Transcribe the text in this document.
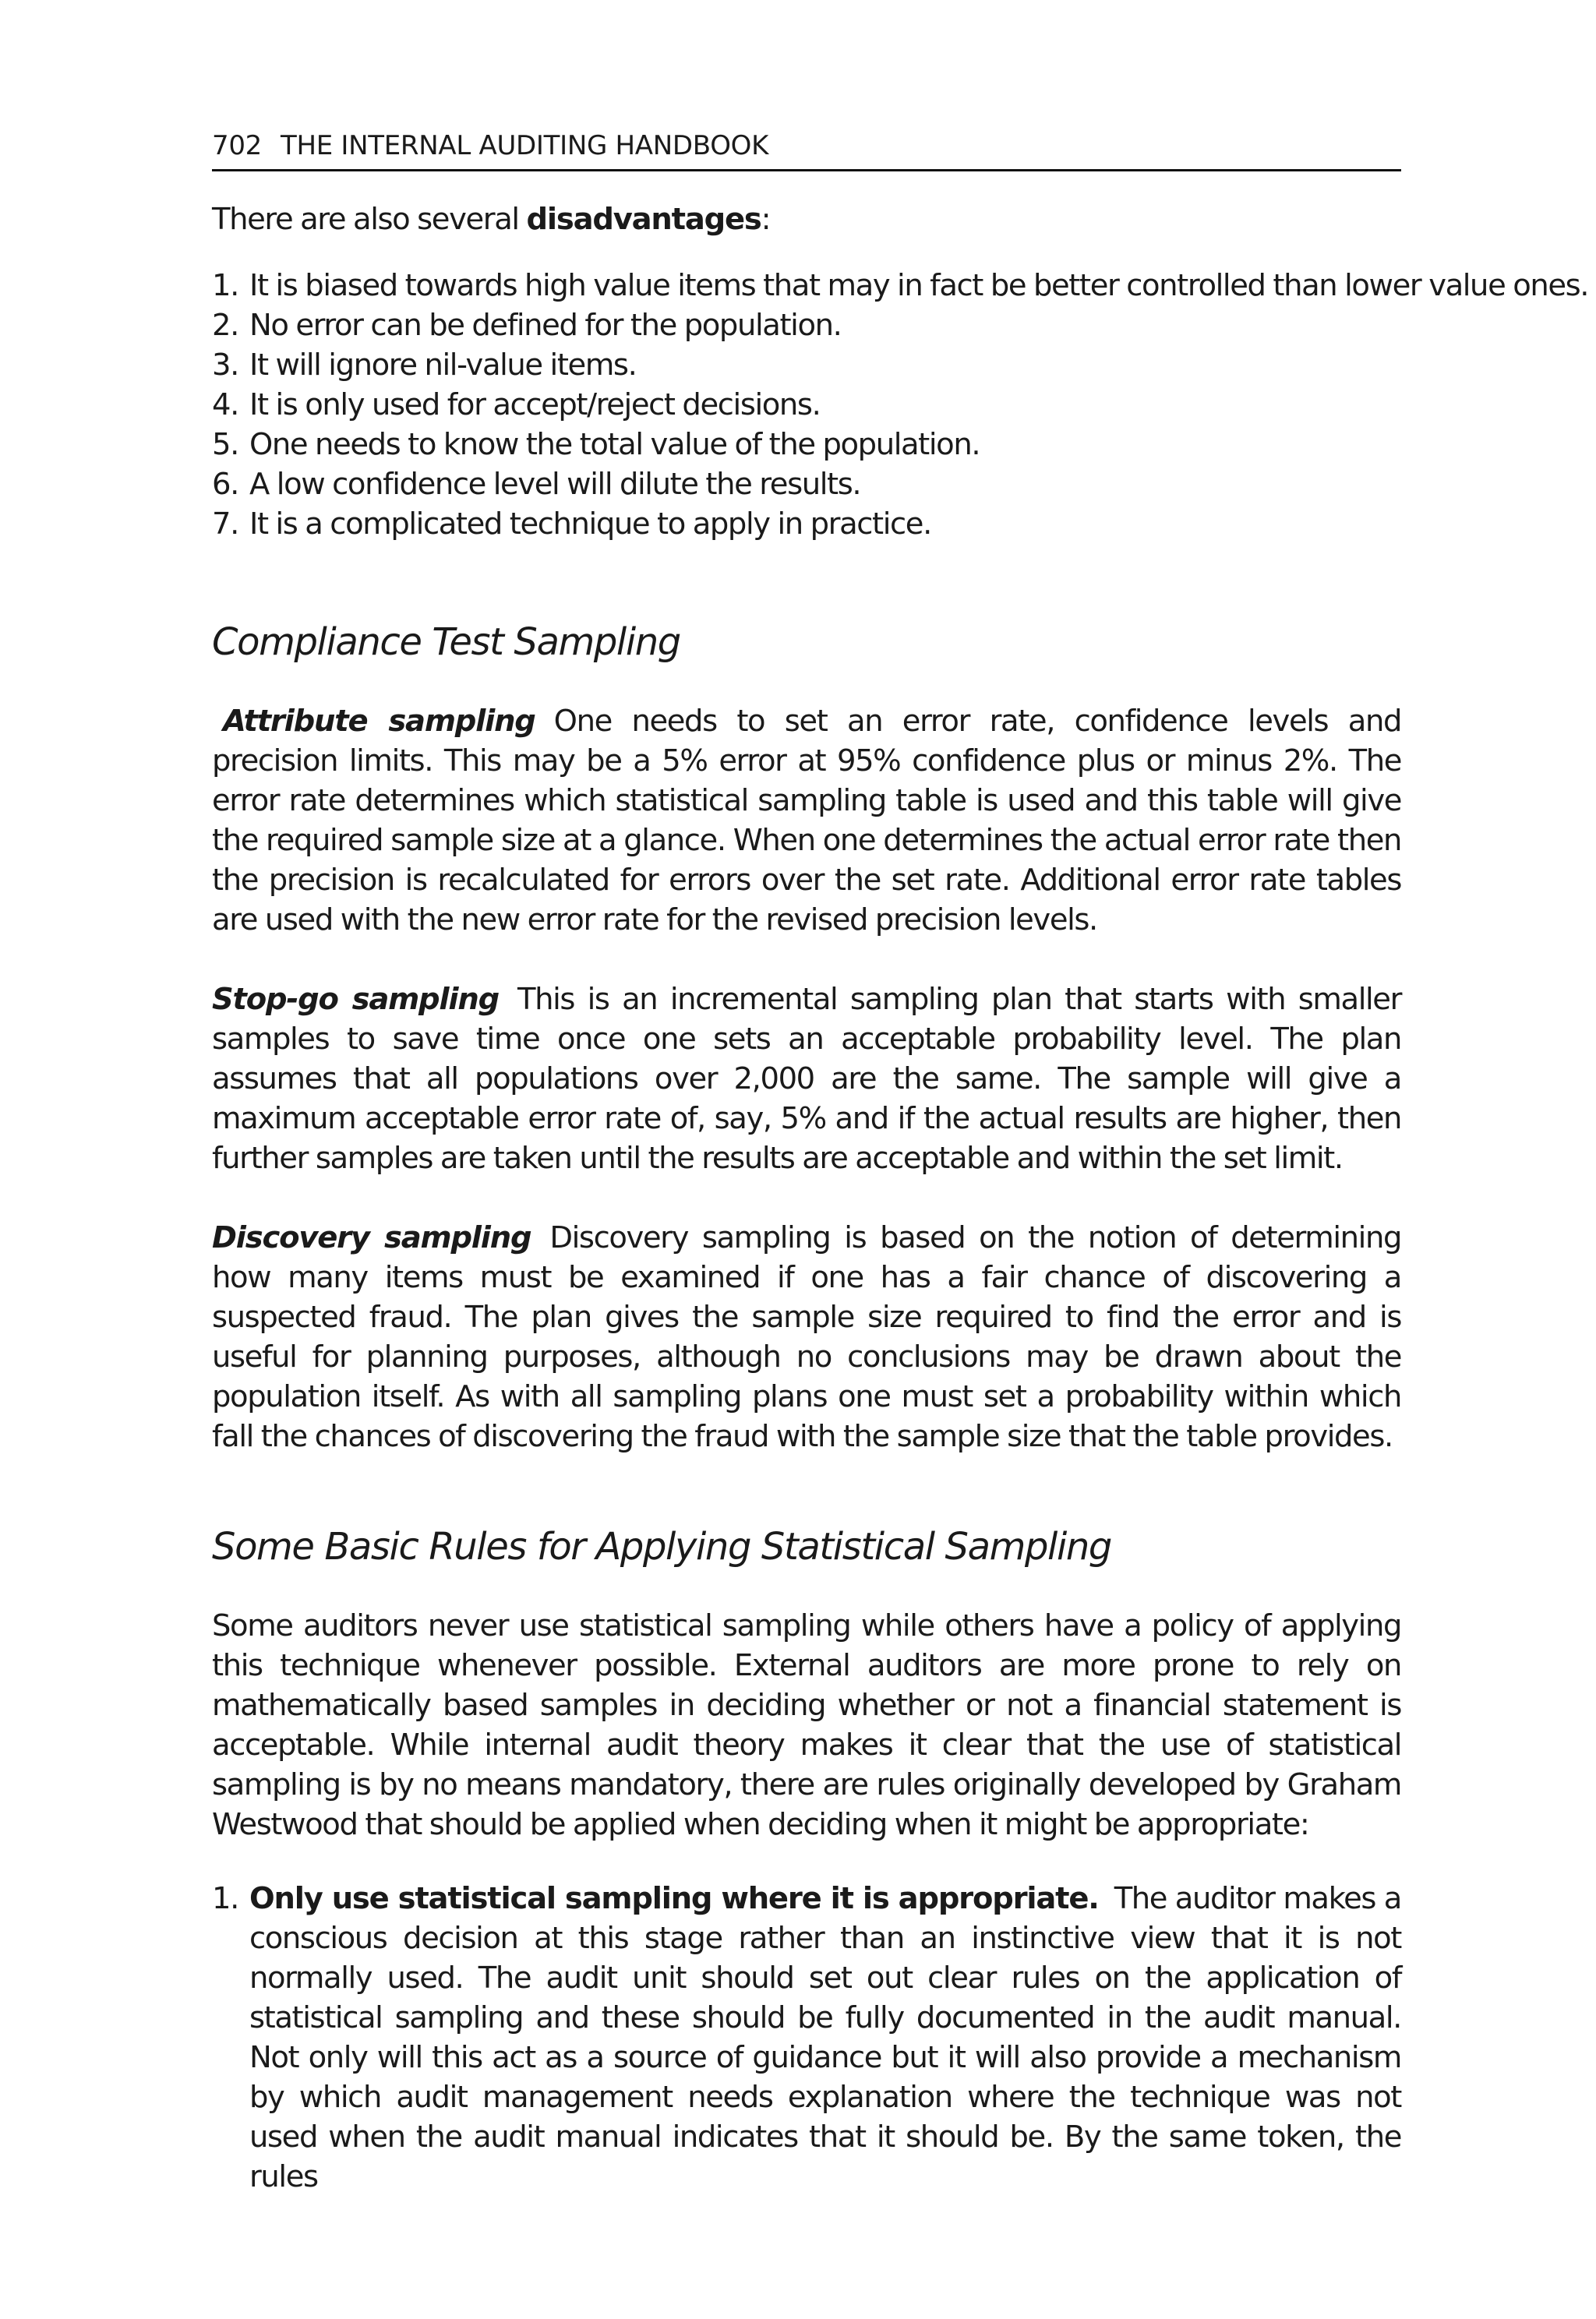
702 THE INTERNAL AUDITING HANDBOOK

There are also several disadvantages:

1. It is biased towards high value items that may in fact be better controlled than lower value ones.
2. No error can be defined for the population.
3. It will ignore nil-value items.
4. It is only used for accept/reject decisions.
5. One needs to know the total value of the population.
6. A low confidence level will dilute the results.
7. It is a complicated technique to apply in practice.
Compliance Test Sampling

Attribute sampling One needs to set an error rate, confidence levels and precision limits. This may be a 5% error at 95% confidence plus or minus 2%. The error rate determines which statistical sampling table is used and this table will give the required sample size at a glance. When one determines the actual error rate then the precision is recalculated for errors over the set rate. Additional error rate tables are used with the new error rate for the revised precision levels.

Stop-go sampling This is an incremental sampling plan that starts with smaller samples to save time once one sets an acceptable probability level. The plan assumes that all populations over 2,000 are the same. The sample will give a maximum acceptable error rate of, say, 5% and if the actual results are higher, then further samples are taken until the results are acceptable and within the set limit.

Discovery sampling Discovery sampling is based on the notion of determining how many items must be examined if one has a fair chance of discovering a suspected fraud. The plan gives the sample size required to find the error and is useful for planning purposes, although no conclusions may be drawn about the population itself. As with all sampling plans one must set a probability within which fall the chances of discovering the fraud with the sample size that the table provides.

Some Basic Rules for Applying Statistical Sampling

Some auditors never use statistical sampling while others have a policy of applying this technique whenever possible. External auditors are more prone to rely on mathematically based samples in deciding whether or not a financial statement is acceptable. While internal audit theory makes it clear that the use of statistical sampling is by no means mandatory, there are rules originally developed by Graham Westwood that should be applied when deciding when it might be appropriate:

1. Only use statistical sampling where it is appropriate. The auditor makes a conscious decision at this stage rather than an instinctive view that it is not normally used. The audit unit should set out clear rules on the application of statistical sampling and these should be fully documented in the audit manual. Not only will this act as a source of guidance but it will also provide a mechanism by which audit management needs explanation where the technique was not used when the audit manual indicates that it should be. By the same token, the rules
